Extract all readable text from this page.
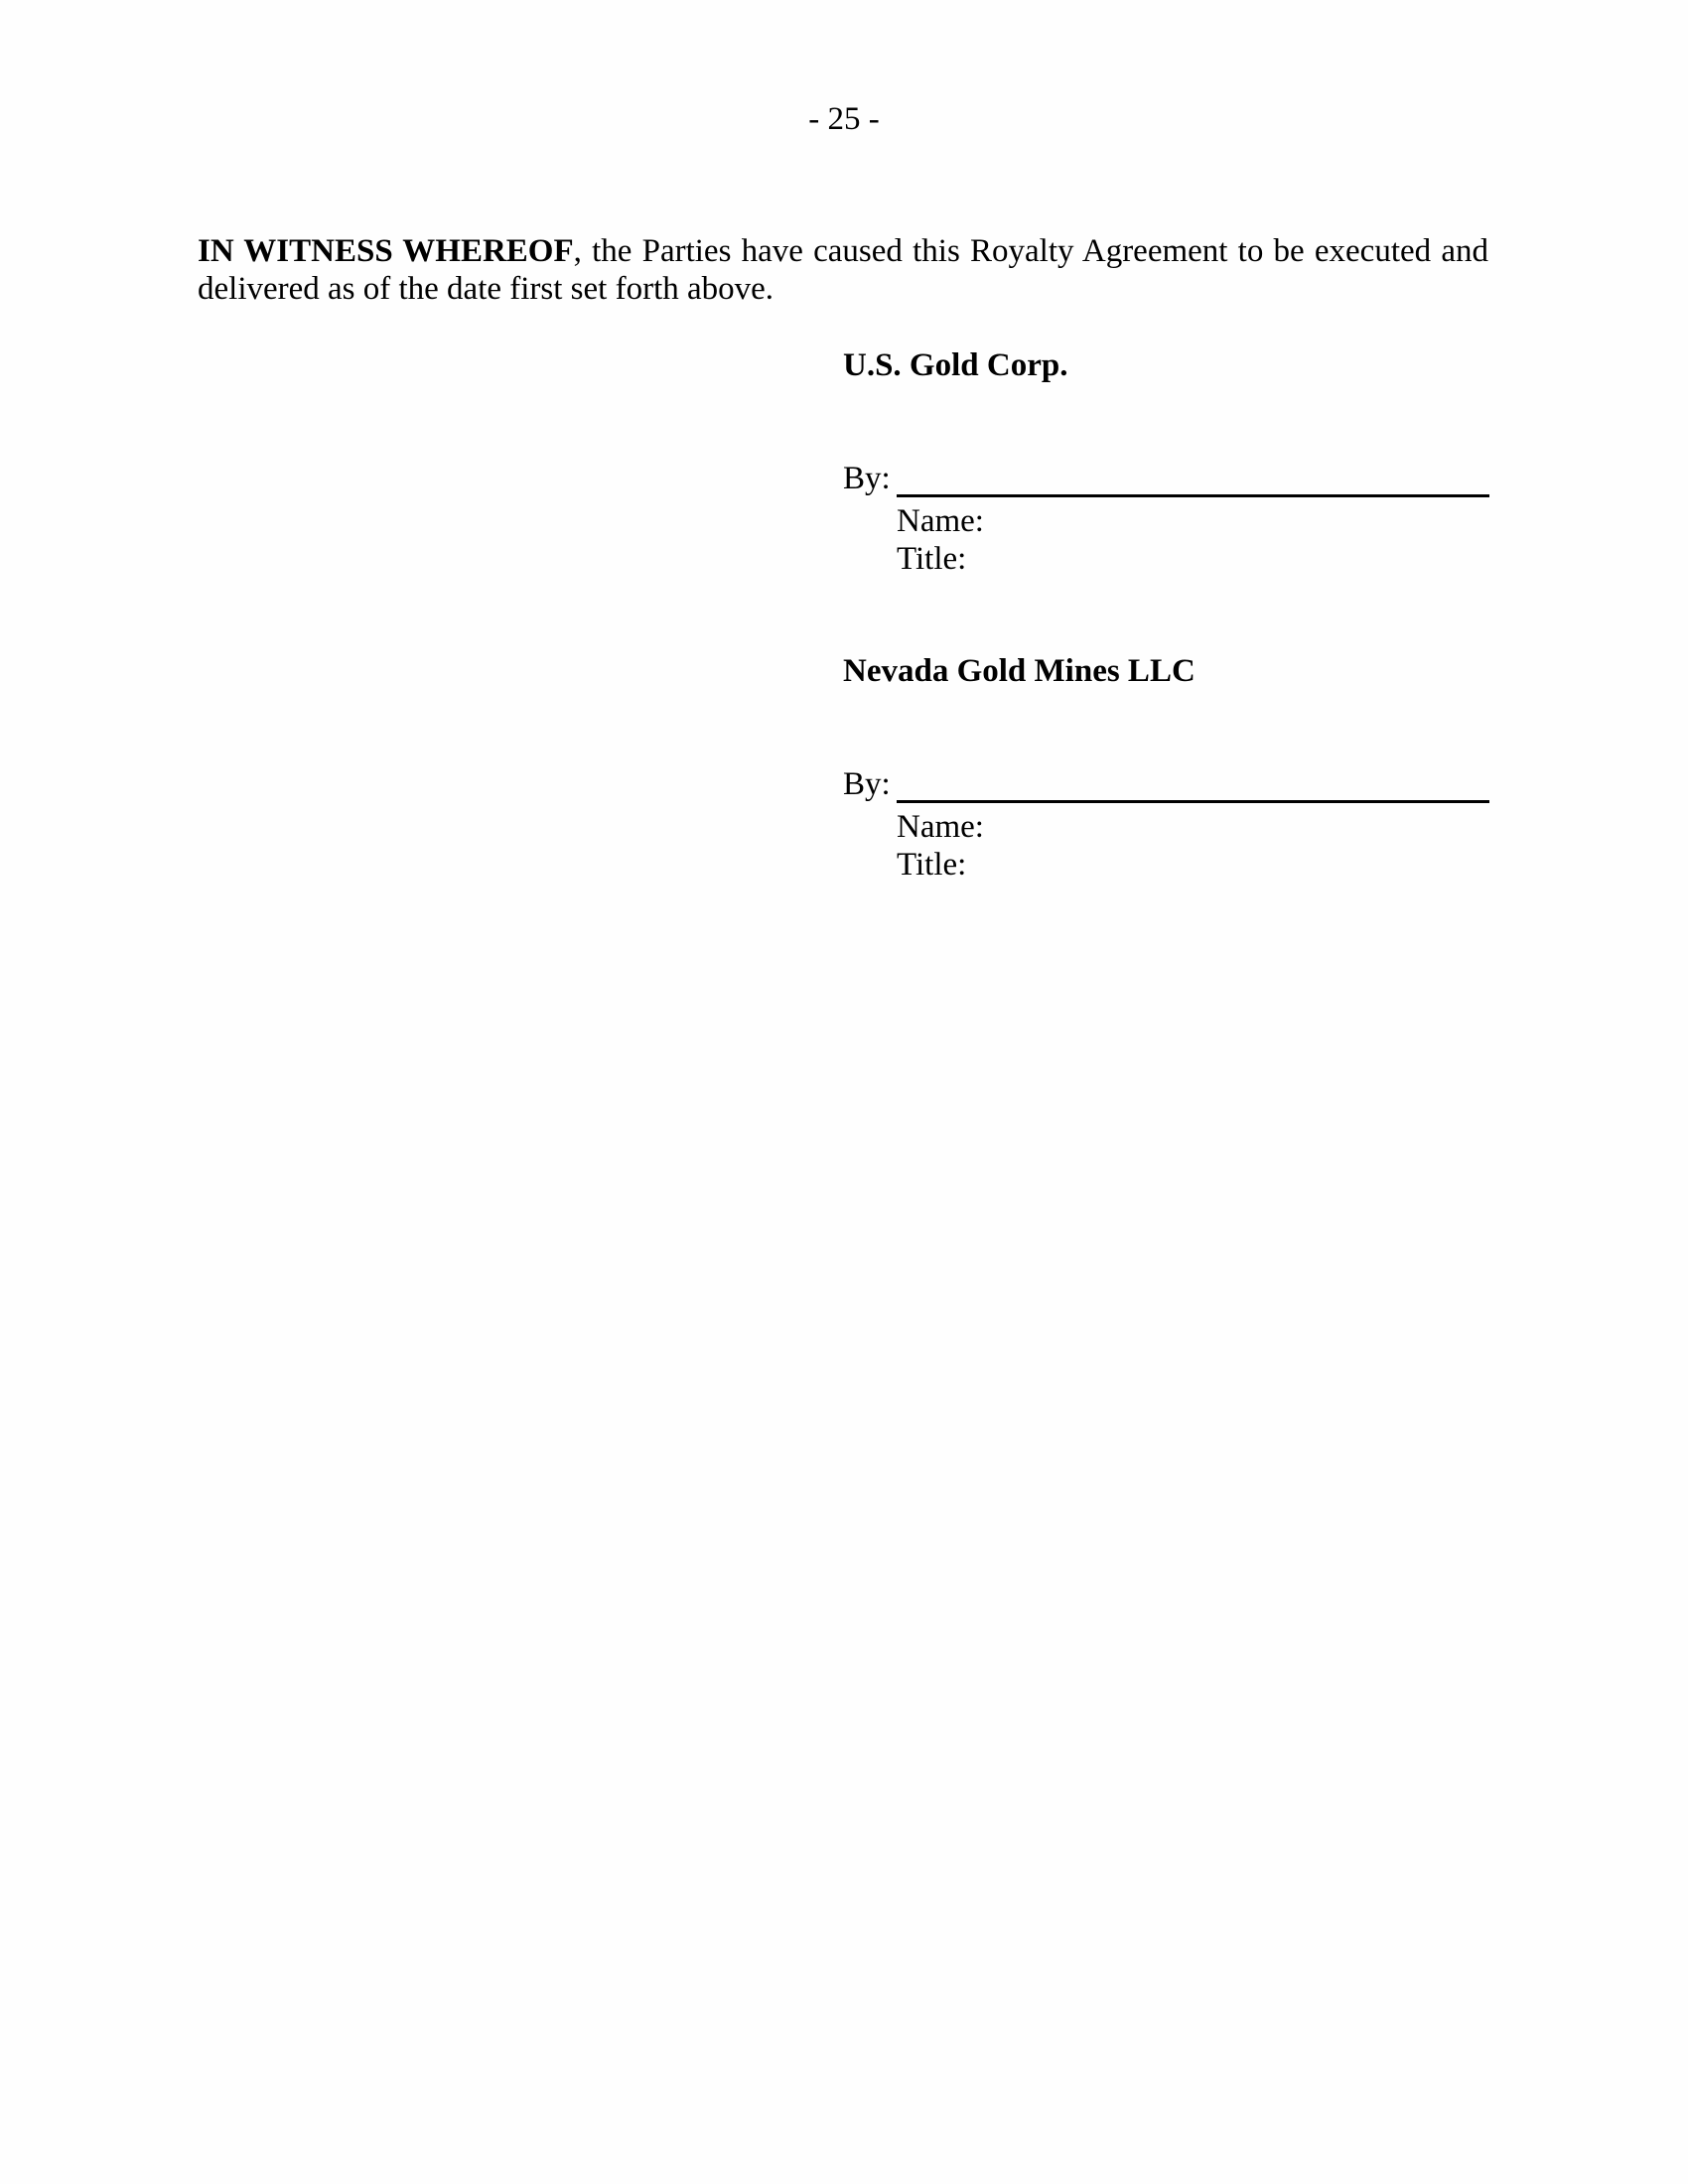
- 25 -
IN WITNESS WHEREOF, the Parties have caused this Royalty Agreement to be executed and delivered as of the date first set forth above.

U.S. Gold Corp.

By:
Name:
Title:

Nevada Gold Mines LLC

By:
Name:
Title:
